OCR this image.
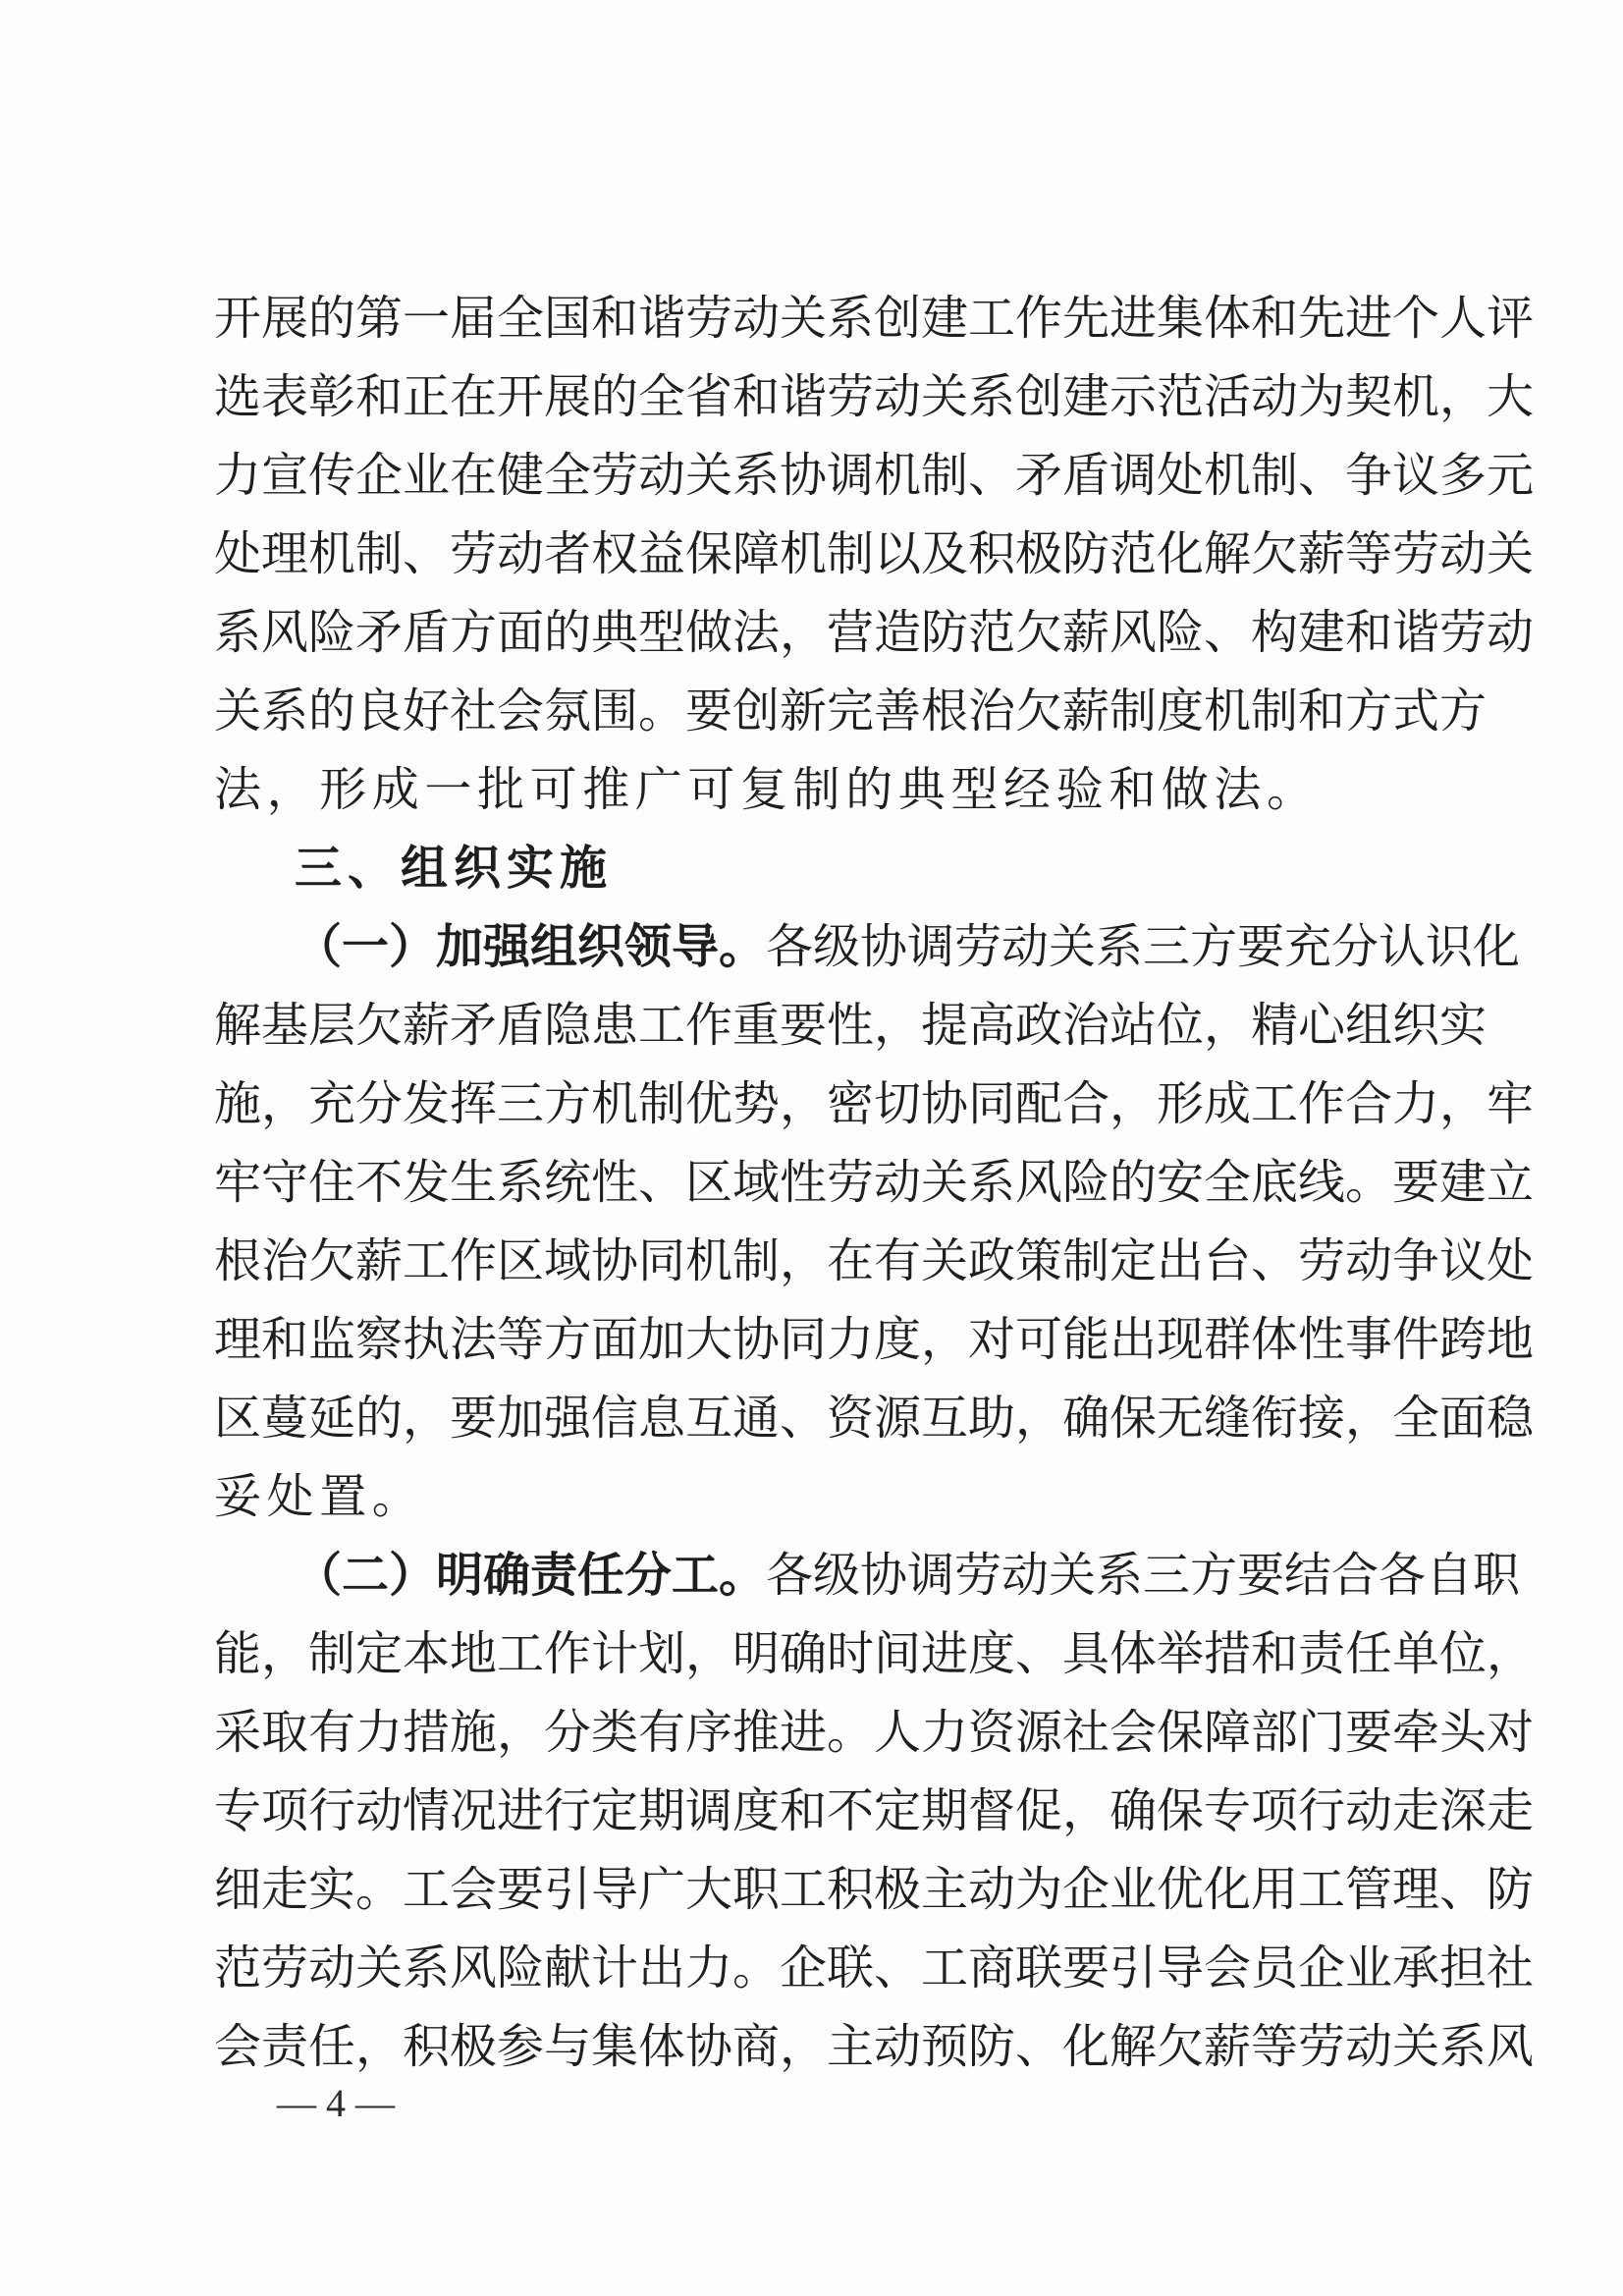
开展的第一届全国和谐劳动关系创建工作先进集体和先进个人评
选表彰和正在开展的全省和谐劳动关系创建示范活动为契机，大
力宣传企业在健全劳动关系协调机制、矛盾调处机制、争议多元
处理机制、劳动者权益保障机制以及积极防范化解欠薪等劳动关
系风险矛盾方面的典型做法，营造防范欠薪风险、构建和谐劳动
关系的良好社会氛围。要创新完善根治欠薪制度机制和方式方
法，形成一批可推广可复制的典型经验和做法。
三、组织实施
（一）加强组织领导。各级协调劳动关系三方要充分认识化
解基层欠薪矛盾隐患工作重要性，提高政治站位，精心组织实
施，充分发挥三方机制优势，密切协同配合，形成工作合力，牢
牢守住不发生系统性、区域性劳动关系风险的安全底线。要建立
根治欠薪工作区域协同机制，在有关政策制定出台、劳动争议处
理和监察执法等方面加大协同力度，对可能出现群体性事件跨地
区蔓延的，要加强信息互通、资源互助，确保无缝衔接，全面稳
妥处置。
（二）明确责任分工。各级协调劳动关系三方要结合各自职
能，制定本地工作计划，明确时间进度、具体举措和责任单位，
采取有力措施，分类有序推进。人力资源社会保障部门要牵头对
专项行动情况进行定期调度和不定期督促，确保专项行动走深走
细走实。工会要引导广大职工积极主动为企业优化用工管理、防
范劳动关系风险献计出力。企联、工商联要引导会员企业承担社
会责任，积极参与集体协商，主动预防、化解欠薪等劳动关系风
— 4 —
